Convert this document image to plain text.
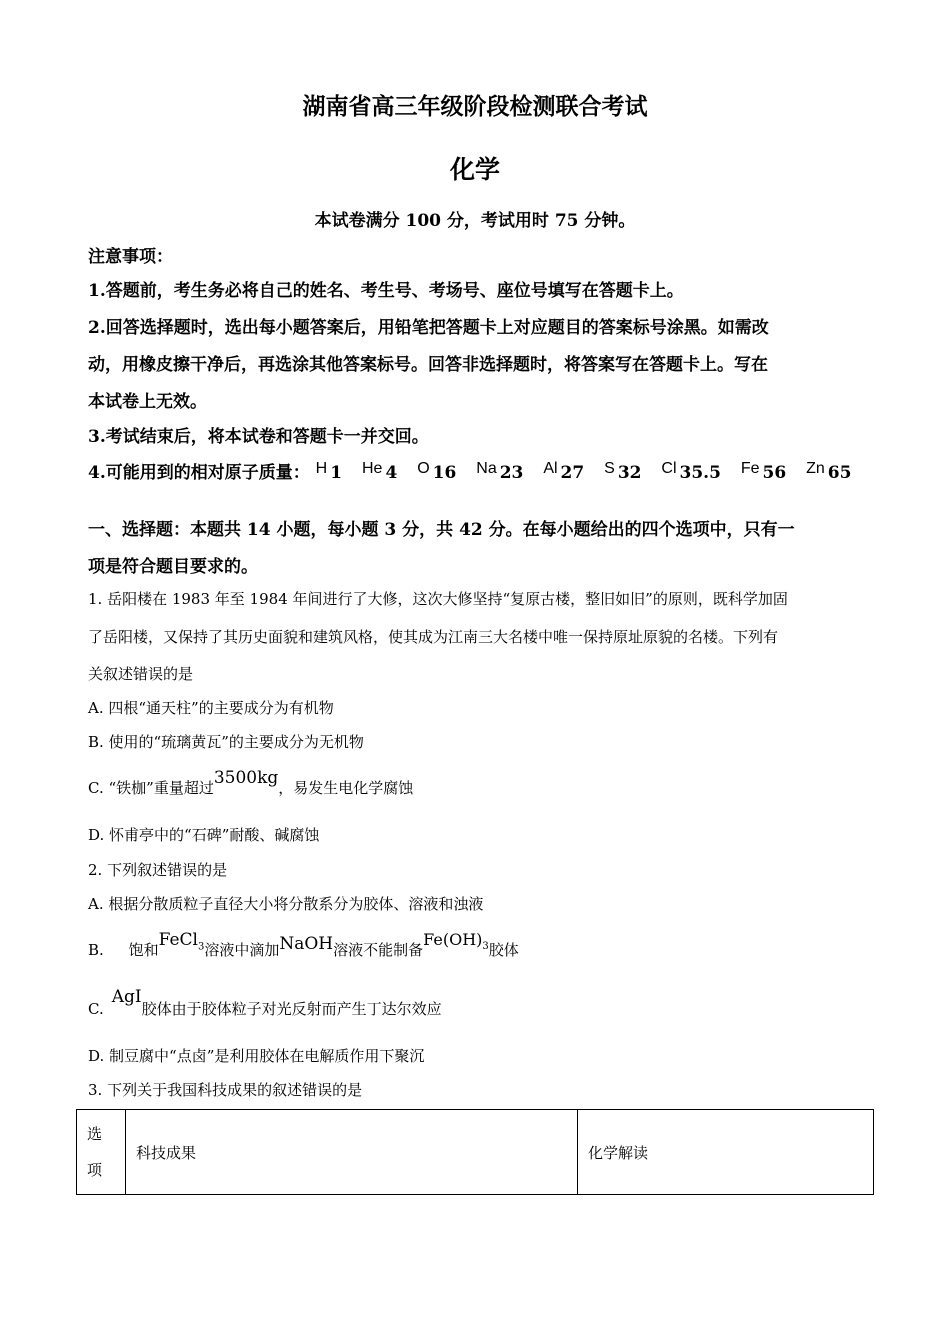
湖南省高三年级阶段检测联合考试
化学
本试卷满分 100 分，考试用时 75 分钟。
注意事项：
1.答题前，考生务必将自己的姓名、考生号、考场号、座位号填写在答题卡上。
2.回答选择题时，选出每小题答案后，用铅笔把答题卡上对应题目的答案标号涂黑。如需改
动，用橡皮擦干净后，再选涂其他答案标号。回答非选择题时，将答案写在答题卡上。写在
本试卷上无效。
3.考试结束后，将本试卷和答题卡一并交回。
4.可能用到的相对原子质量： H 1 He 4 O 16 Na 23 Al 27 S 32 Cl 35.5 Fe 56 Zn 65
一、选择题：本题共 14 小题，每小题 3 分，共 42 分。在每小题给出的四个选项中，只有一
项是符合题目要求的。
1. 岳阳楼在 1983 年至 1984 年间进行了大修，这次大修坚持“复原古楼，整旧如旧”的原则，既科学加固
了岳阳楼，又保持了其历史面貌和建筑风格，使其成为江南三大名楼中唯一保持原址原貌的名楼。下列有
关叙述错误的是
A. 四根“通天柱”的主要成分为有机物
B. 使用的“琉璃黄瓦”的主要成分为无机物
C. “铁枷”重量超过3500kg，易发生电化学腐蚀
D. 怀甫亭中的“石碑”耐酸、碱腐蚀
2. 下列叙述错误的是
A. 根据分散质粒子直径大小将分散系分为胶体、溶液和浊液
B. 饱和FeCl$_3$溶液中滴加NaOH溶液不能制备$Fe(OH)_3$胶体
C.AgI胶体由于胶体粒子对光反射而产生丁达尔效应
D. 制豆腐中“点卤”是利用胶体在电解质作用下聚沉
3. 下列关于我国科技成果的叙述错误的是
选
项	科技成果	化学解读
